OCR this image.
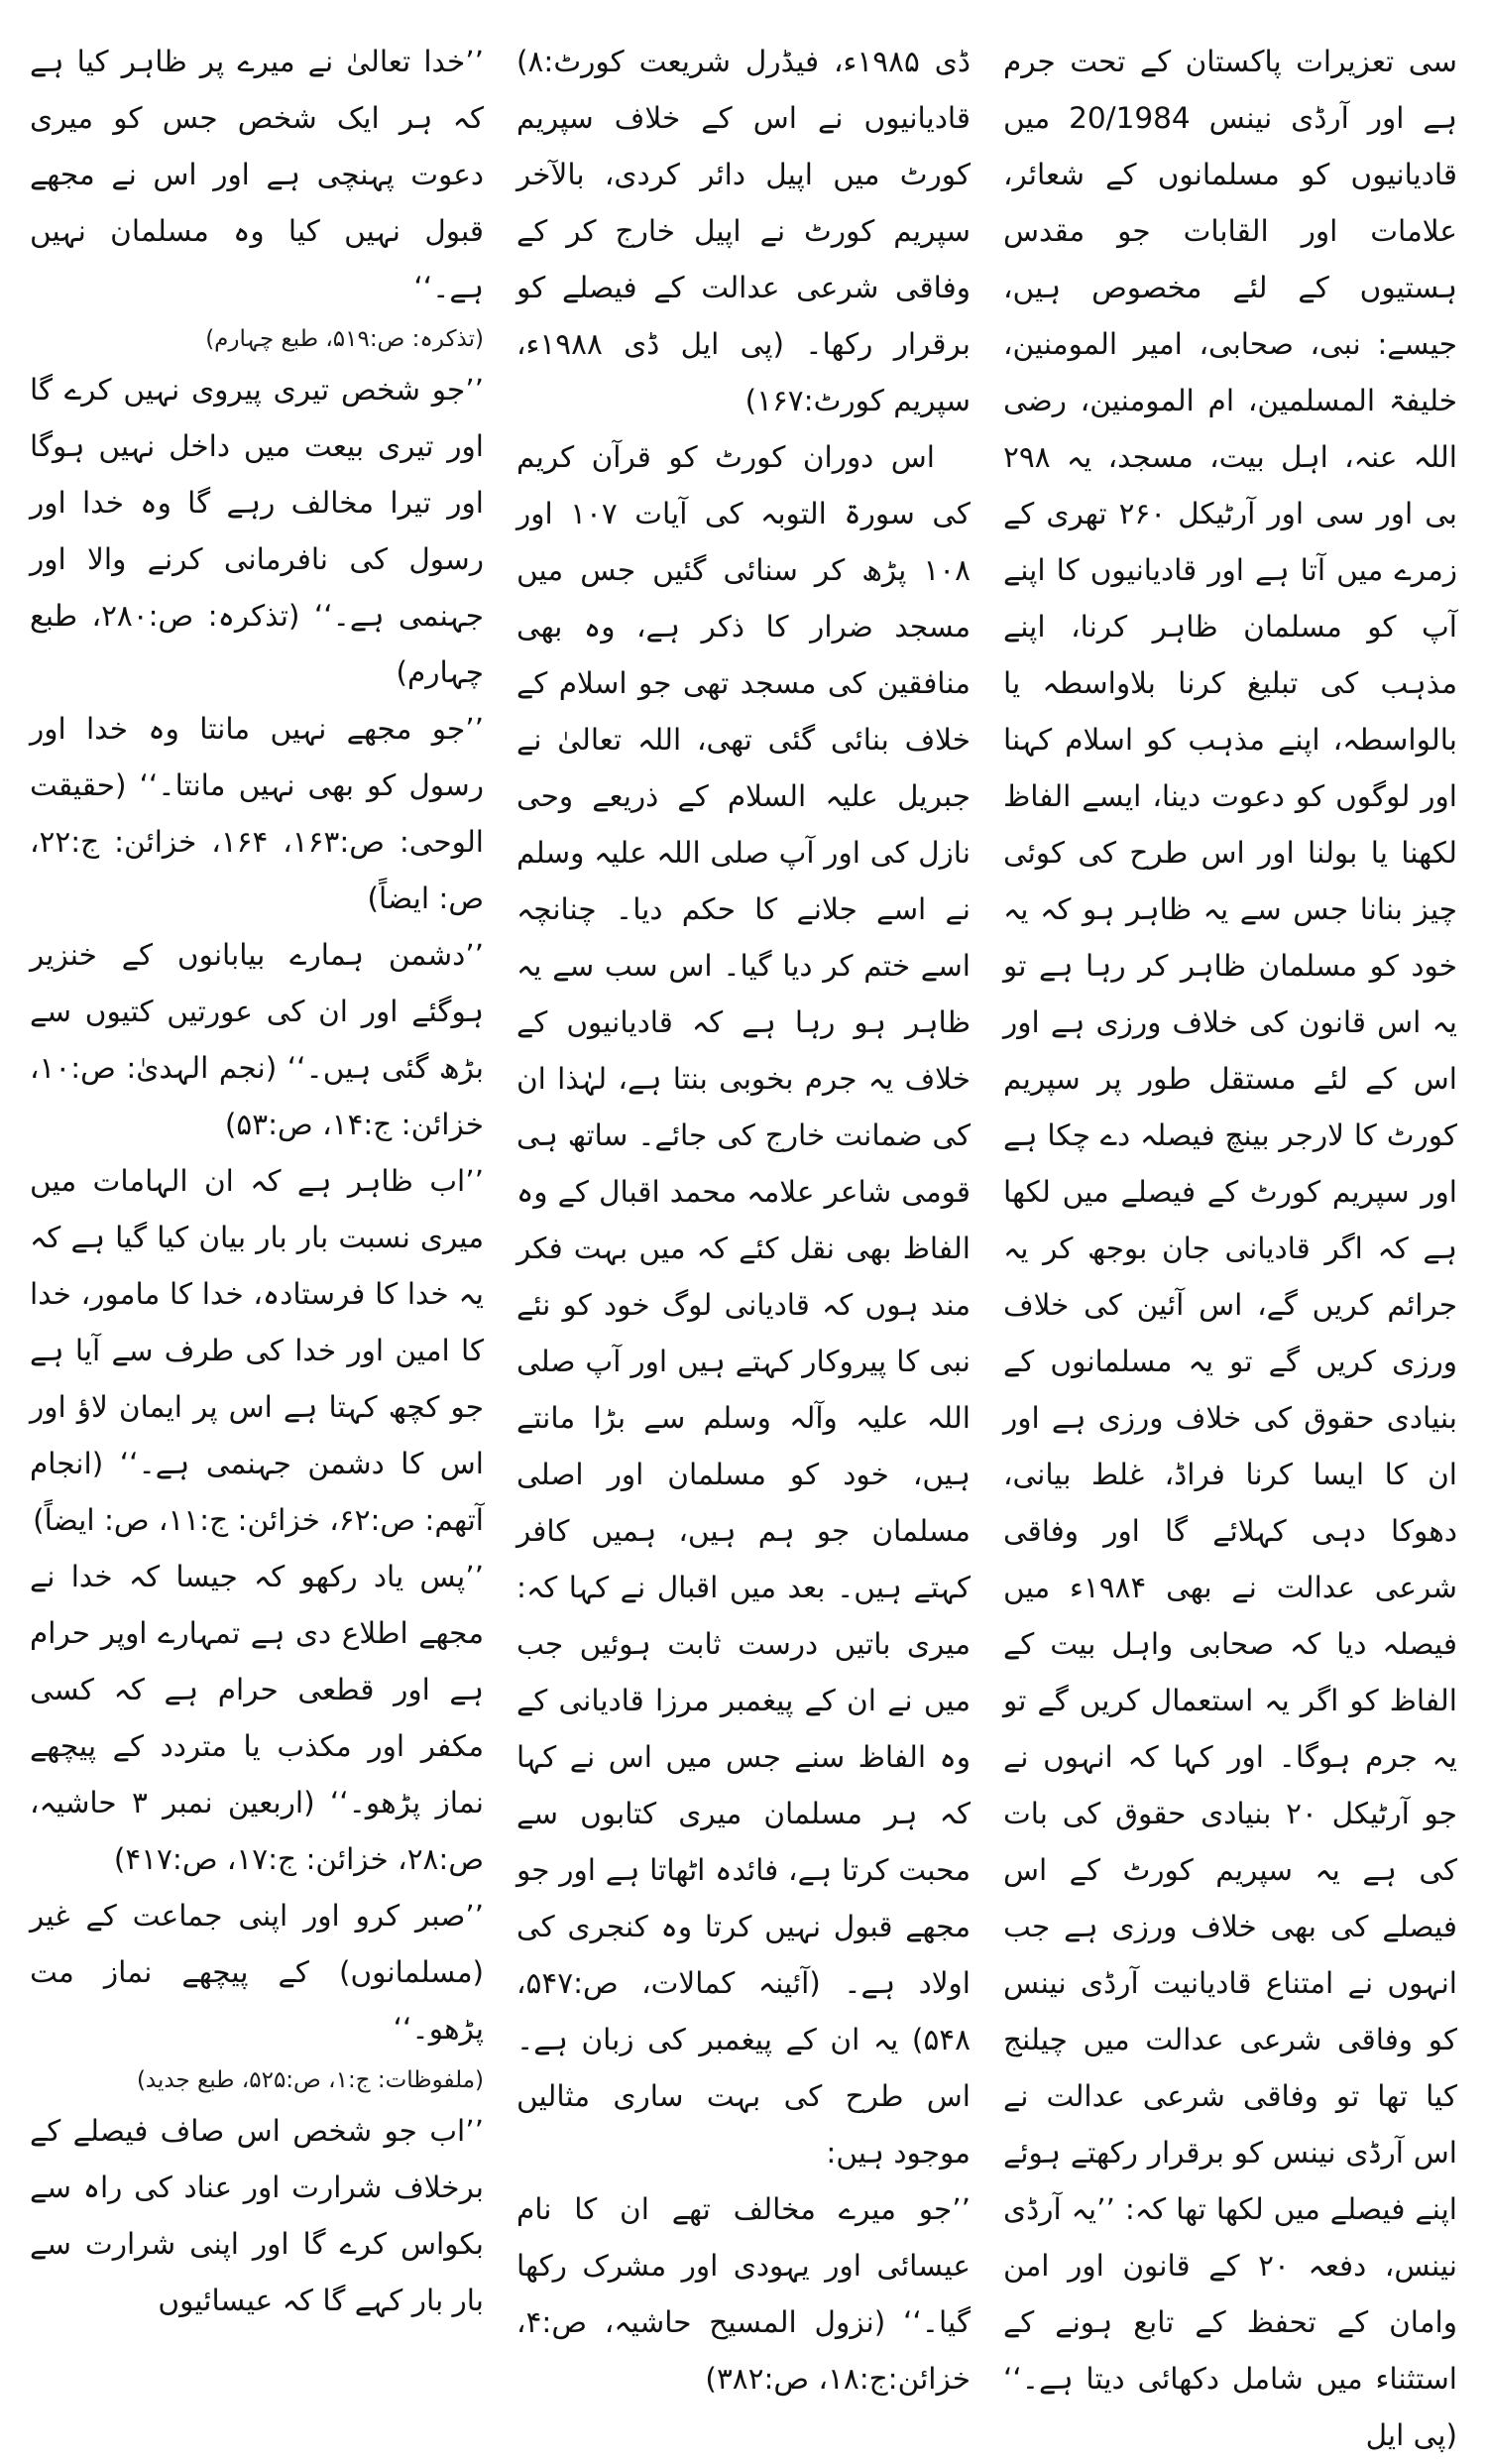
سی تعزیرات پاکستان کے تحت جرم ہے اور آرڈی نینس 20/1984 میں قادیانیوں کو مسلمانوں کے شعائر، علامات اور القابات جو مقدس ہستیوں کے لئے مخصوص ہیں، جیسے: نبی، صحابی، امیر المومنین، خلیفۃ المسلمین، ام المومنین، رضی اللہ عنہ، اہل بیت، مسجد، یہ ۲۹۸ بی اور سی اور آرٹیکل ۲۶۰ تھری کے زمرے میں آتا ہے اور قادیانیوں کا اپنے آپ کو مسلمان ظاہر کرنا، اپنے مذہب کی تبلیغ کرنا بلاواسطہ یا بالواسطہ، اپنے مذہب کو اسلام کہنا اور لوگوں کو دعوت دینا، ایسے الفاظ لکھنا یا بولنا اور اس طرح کی کوئی چیز بنانا جس سے یہ ظاہر ہو کہ یہ خود کو مسلمان ظاہر کر رہا ہے تو یہ اس قانون کی خلاف ورزی ہے اور اس کے لئے مستقل طور پر سپریم کورٹ کا لارجر بینچ فیصلہ دے چکا ہے اور سپریم کورٹ کے فیصلے میں لکھا ہے کہ اگر قادیانی جان بوجھ کر یہ جرائم کریں گے، اس آئین کی خلاف ورزی کریں گے تو یہ مسلمانوں کے بنیادی حقوق کی خلاف ورزی ہے اور ان کا ایسا کرنا فراڈ، غلط بیانی، دھوکا دہی کہلائے گا اور وفاقی شرعی عدالت نے بھی ۱۹۸۴ء میں فیصلہ دیا کہ صحابی واہل بیت کے الفاظ کو اگر یہ استعمال کریں گے تو یہ جرم ہوگا۔ اور کہا کہ انہوں نے جو آرٹیکل ۲۰ بنیادی حقوق کی بات کی ہے یہ سپریم کورٹ کے اس فیصلے کی بھی خلاف ورزی ہے جب انہوں نے امتناع قادیانیت آرڈی نینس کو وفاقی شرعی عدالت میں چیلنج کیا تھا تو وفاقی شرعی عدالت نے اس آرڈی نینس کو برقرار رکھتے ہوئے اپنے فیصلے میں لکھا تھا کہ: ’’یہ آرڈی نینس، دفعہ ۲۰ کے قانون اور امن وامان کے تحفظ کے تابع ہونے کے استثناء میں شامل دکھائی دیتا ہے۔‘‘ (پی ایل

ڈی ۱۹۸۵ء، فیڈرل شریعت کورٹ:۸) قادیانیوں نے اس کے خلاف سپریم کورٹ میں اپیل دائر کردی، بالآخر سپریم کورٹ نے اپیل خارج کر کے وفاقی شرعی عدالت کے فیصلے کو برقرار رکھا۔ (پی ایل ڈی ۱۹۸۸ء، سپریم کورٹ:۱۶۷)

اس دوران کورٹ کو قرآن کریم کی سورۃ التوبہ کی آیات ۱۰۷ اور ۱۰۸ پڑھ کر سنائی گئیں جس میں مسجد ضرار کا ذکر ہے، وہ بھی منافقین کی مسجد تھی جو اسلام کے خلاف بنائی گئی تھی، اللہ تعالیٰ نے جبریل علیہ السلام کے ذریعے وحی نازل کی اور آپ صلی اللہ علیہ وسلم نے اسے جلانے کا حکم دیا۔ چنانچہ اسے ختم کر دیا گیا۔ اس سب سے یہ ظاہر ہو رہا ہے کہ قادیانیوں کے خلاف یہ جرم بخوبی بنتا ہے، لہٰذا ان کی ضمانت خارج کی جائے۔ ساتھ ہی قومی شاعر علامہ محمد اقبال کے وہ الفاظ بھی نقل کئے کہ میں بہت فکر مند ہوں کہ قادیانی لوگ خود کو نئے نبی کا پیروکار کہتے ہیں اور آپ صلی اللہ علیہ وآلہ وسلم سے بڑا مانتے ہیں، خود کو مسلمان اور اصلی مسلمان جو ہم ہیں، ہمیں کافر کہتے ہیں۔ بعد میں اقبال نے کہا کہ: میری باتیں درست ثابت ہوئیں جب میں نے ان کے پیغمبر مرزا قادیانی کے وہ الفاظ سنے جس میں اس نے کہا کہ ہر مسلمان میری کتابوں سے محبت کرتا ہے، فائدہ اٹھاتا ہے اور جو مجھے قبول نہیں کرتا وہ کنجری کی اولاد ہے۔ (آئینہ کمالات، ص:۵۴۷، ۵۴۸) یہ ان کے پیغمبر کی زبان ہے۔ اس طرح کی بہت ساری مثالیں موجود ہیں:

’’جو میرے مخالف تھے ان کا نام عیسائی اور یہودی اور مشرک رکھا گیا۔‘‘ (نزول المسیح حاشیہ، ص:۴، خزائن:ج:۱۸، ص:۳۸۲)

’’خدا تعالیٰ نے میرے پر ظاہر کیا ہے کہ ہر ایک شخص جس کو میری دعوت پہنچی ہے اور اس نے مجھے قبول نہیں کیا وہ مسلمان نہیں ہے۔‘‘

(تذکرہ: ص:۵۱۹، طبع چہارم)

’’جو شخص تیری پیروی نہیں کرے گا اور تیری بیعت میں داخل نہیں ہوگا اور تیرا مخالف رہے گا وہ خدا اور رسول کی نافرمانی کرنے والا اور جہنمی ہے۔‘‘ (تذکرہ: ص:۲۸۰، طبع چہارم)

’’جو مجھے نہیں مانتا وہ خدا اور رسول کو بھی نہیں مانتا۔‘‘ (حقیقت الوحی: ص:۱۶۳، ۱۶۴، خزائن: ج:۲۲، ص: ایضاً)

’’دشمن ہمارے بیابانوں کے خنزیر ہوگئے اور ان کی عورتیں کتیوں سے بڑھ گئی ہیں۔‘‘ (نجم الہدیٰ: ص:۱۰، خزائن: ج:۱۴، ص:۵۳)

’’اب ظاہر ہے کہ ان الہامات میں میری نسبت بار بار بیان کیا گیا ہے کہ یہ خدا کا فرستادہ، خدا کا مامور، خدا کا امین اور خدا کی طرف سے آیا ہے جو کچھ کہتا ہے اس پر ایمان لاؤ اور اس کا دشمن جہنمی ہے۔‘‘ (انجام آتھم: ص:۶۲، خزائن: ج:۱۱، ص: ایضاً)

’’پس یاد رکھو کہ جیسا کہ خدا نے مجھے اطلاع دی ہے تمہارے اوپر حرام ہے اور قطعی حرام ہے کہ کسی مکفر اور مکذب یا متردد کے پیچھے نماز پڑھو۔‘‘ (اربعین نمبر ۳ حاشیہ، ص:۲۸، خزائن: ج:۱۷، ص:۴۱۷)

’’صبر کرو اور اپنی جماعت کے غیر (مسلمانوں) کے پیچھے نماز مت پڑھو۔‘‘

(ملفوظات: ج:۱، ص:۵۲۵، طبع جدید)

’’اب جو شخص اس صاف فیصلے کے برخلاف شرارت اور عناد کی راہ سے بکواس کرے گا اور اپنی شرارت سے بار بار کہے گا کہ عیسائیوں
